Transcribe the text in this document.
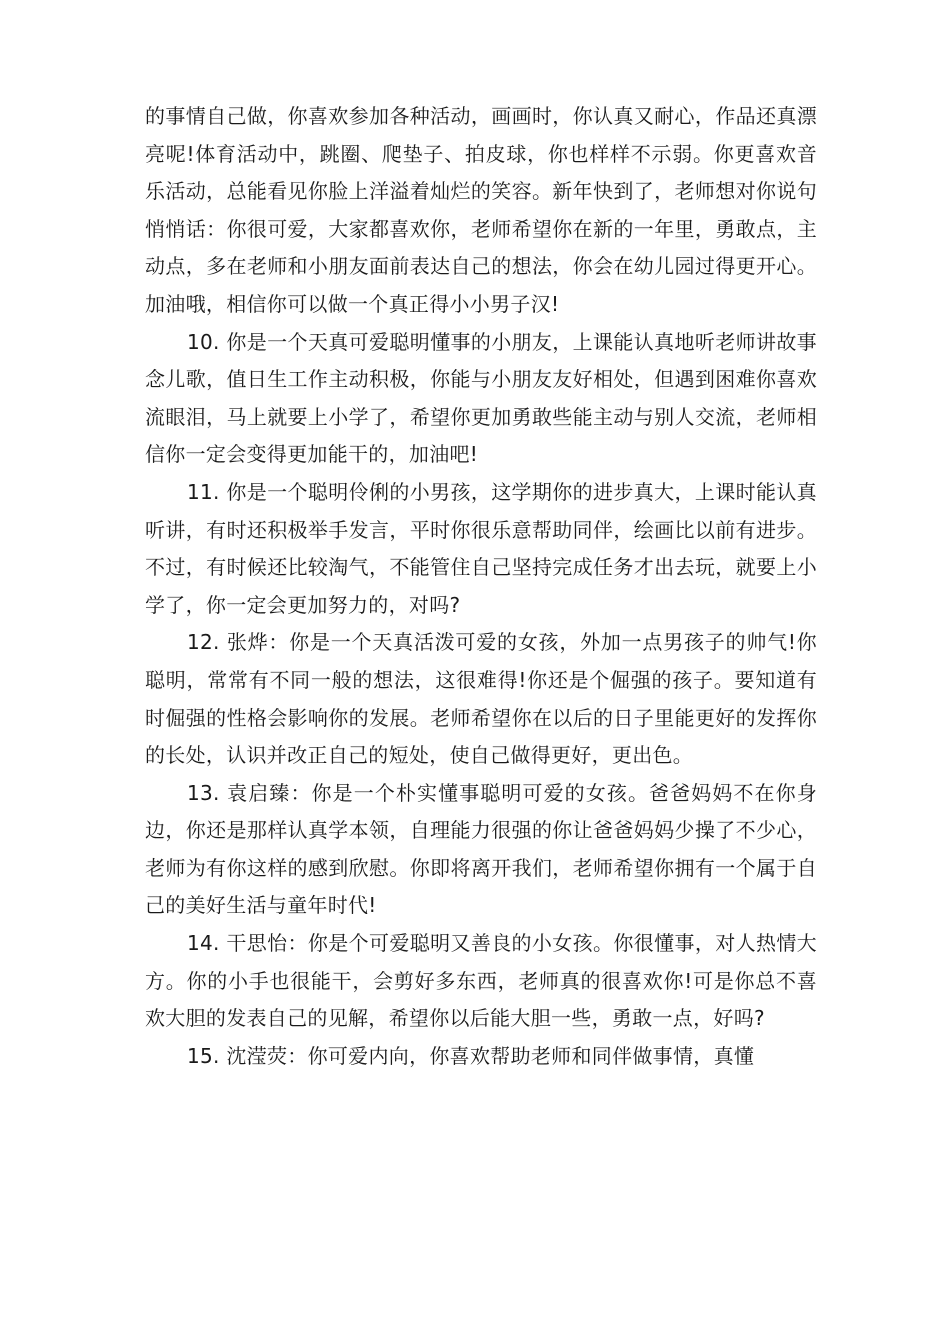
的事情自己做，你喜欢参加各种活动，画画时，你认真又耐心，作品还真漂亮呢!体育活动中，跳圈、爬垫子、拍皮球，你也样样不示弱。你更喜欢音乐活动，总能看见你脸上洋溢着灿烂的笑容。新年快到了，老师想对你说句悄悄话：你很可爱，大家都喜欢你，老师希望你在新的一年里，勇敢点，主动点，多在老师和小朋友面前表达自己的想法，你会在幼儿园过得更开心。加油哦，相信你可以做一个真正得小小男子汉!

10. 你是一个天真可爱聪明懂事的小朋友，上课能认真地听老师讲故事念儿歌，值日生工作主动积极，你能与小朋友友好相处，但遇到困难你喜欢流眼泪，马上就要上小学了，希望你更加勇敢些能主动与别人交流，老师相信你一定会变得更加能干的，加油吧!

11. 你是一个聪明伶俐的小男孩，这学期你的进步真大，上课时能认真听讲，有时还积极举手发言，平时你很乐意帮助同伴，绘画比以前有进步。不过，有时候还比较淘气，不能管住自己坚持完成任务才出去玩，就要上小学了，你一定会更加努力的，对吗?

12. 张烨：你是一个天真活泼可爱的女孩，外加一点男孩子的帅气!你聪明，常常有不同一般的想法，这很难得!你还是个倔强的孩子。要知道有时倔强的性格会影响你的发展。老师希望你在以后的日子里能更好的发挥你的长处，认识并改正自己的短处，使自己做得更好，更出色。

13. 袁启臻：你是一个朴实懂事聪明可爱的女孩。爸爸妈妈不在你身边，你还是那样认真学本领，自理能力很强的你让爸爸妈妈少操了不少心，老师为有你这样的感到欣慰。你即将离开我们，老师希望你拥有一个属于自己的美好生活与童年时代!

14. 干思怡：你是个可爱聪明又善良的小女孩。你很懂事，对人热情大方。你的小手也很能干，会剪好多东西，老师真的很喜欢你!可是你总不喜欢大胆的发表自己的见解，希望你以后能大胆一些，勇敢一点，好吗?

15. 沈滢荧：你可爱内向，你喜欢帮助老师和同伴做事情，真懂
